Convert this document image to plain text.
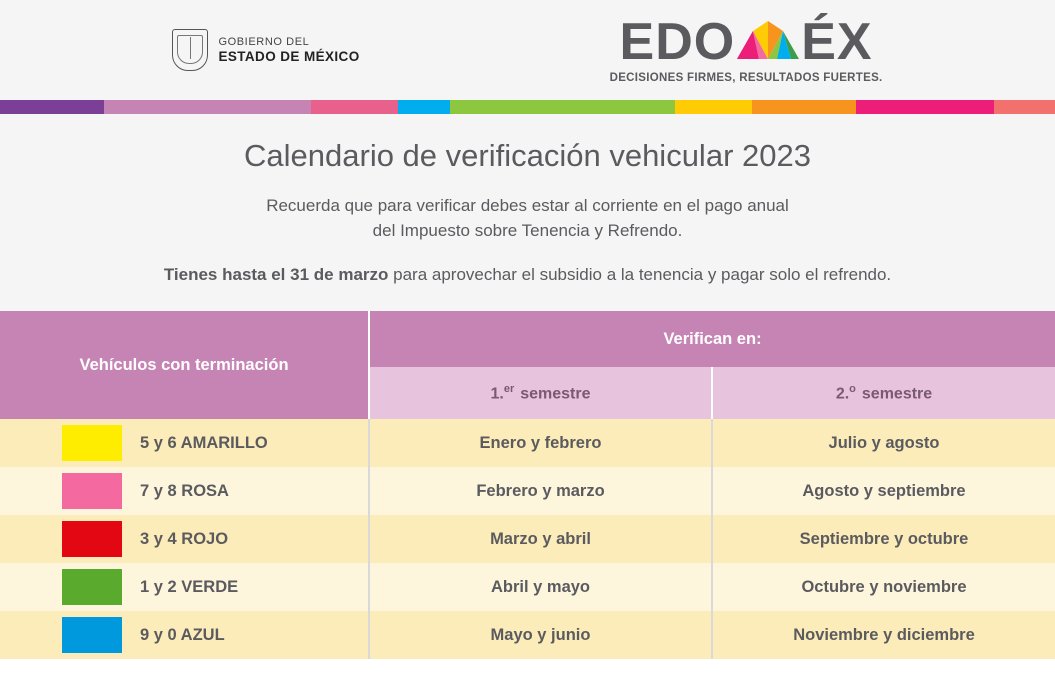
GOBIERNO DEL
ESTADO DE MÉXICO	EDO ÉX
DECISIONES FIRMES, RESULTADOS FUERTES.
Calendario de verificación vehicular 2023

Recuerda que para verificar debes estar al corriente en el pago anual

del Impuesto sobre Tenencia y Refrendo.

Tienes hasta el 31 de marzo para aprovechar el subsidio a la tenencia y pagar solo el refrendo.
Vehículos con terminación	Verifican en:	
	1.$^{er}$ semestre	2.$^o$ semestre

5 y 6 AMARILLO	Enero y febrero	Julio y agosto

7 y 8 ROSA	Febrero y marzo	Agosto y septiembre

3 y 4 ROJO	Marzo y abril	Septiembre y octubre

1 y 2 VERDE	Abril y mayo	Octubre y noviembre

9 y 0 AZUL	Mayo y junio	Noviembre y diciembre
